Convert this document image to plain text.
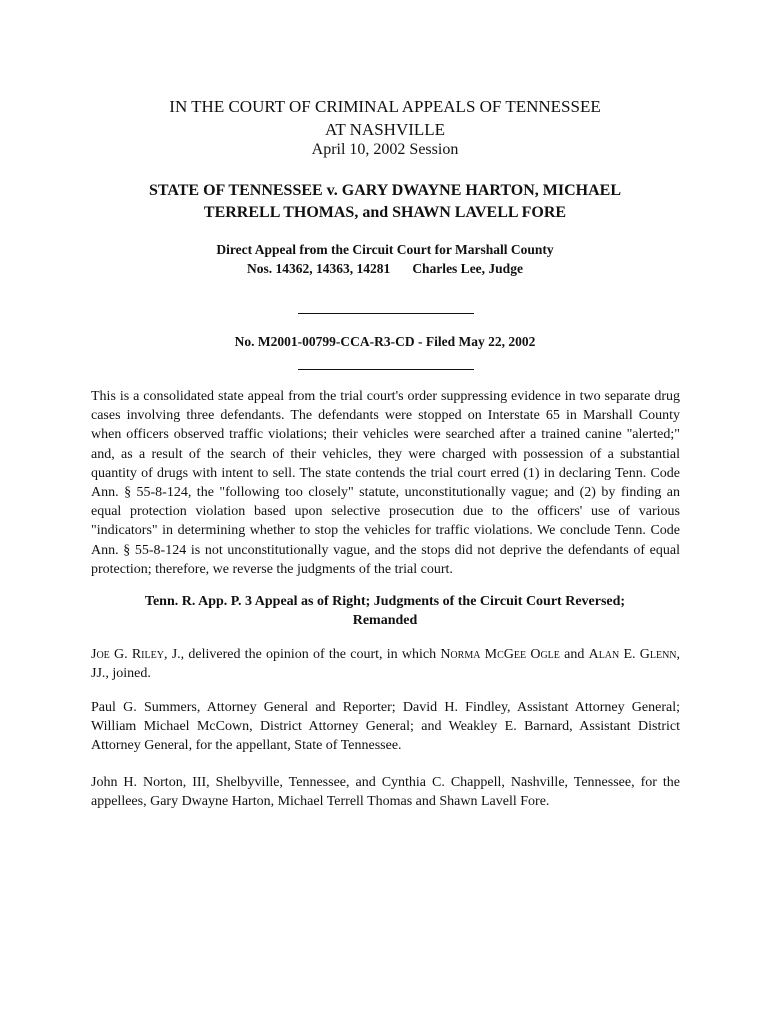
IN THE COURT OF CRIMINAL APPEALS OF TENNESSEE
AT NASHVILLE
April 10, 2002 Session
STATE OF TENNESSEE v. GARY DWAYNE HARTON, MICHAEL
TERRELL THOMAS, and SHAWN LAVELL FORE
Direct Appeal from the Circuit Court for Marshall County
Nos. 14362, 14363, 14281 Charles Lee, Judge
No. M2001-00799-CCA-R3-CD - Filed May 22, 2002
This is a consolidated state appeal from the trial court's order suppressing evidence in two separate drug cases involving three defendants. The defendants were stopped on Interstate 65 in Marshall County when officers observed traffic violations; their vehicles were searched after a trained canine "alerted;" and, as a result of the search of their vehicles, they were charged with possession of a substantial quantity of drugs with intent to sell. The state contends the trial court erred (1) in declaring Tenn. Code Ann. § 55-8-124, the "following too closely" statute, unconstitutionally vague; and (2) by finding an equal protection violation based upon selective prosecution due to the officers' use of various "indicators" in determining whether to stop the vehicles for traffic violations. We conclude Tenn. Code Ann. § 55-8-124 is not unconstitutionally vague, and the stops did not deprive the defendants of equal protection; therefore, we reverse the judgments of the trial court.
Tenn. R. App. P. 3 Appeal as of Right; Judgments of the Circuit Court Reversed;
Remanded
Joe G. Riley, J., delivered the opinion of the court, in which Norma McGee Ogle and Alan E. Glenn, JJ., joined.
Paul G. Summers, Attorney General and Reporter; David H. Findley, Assistant Attorney General; William Michael McCown, District Attorney General; and Weakley E. Barnard, Assistant District Attorney General, for the appellant, State of Tennessee.
John H. Norton, III, Shelbyville, Tennessee, and Cynthia C. Chappell, Nashville, Tennessee, for the appellees, Gary Dwayne Harton, Michael Terrell Thomas and Shawn Lavell Fore.
